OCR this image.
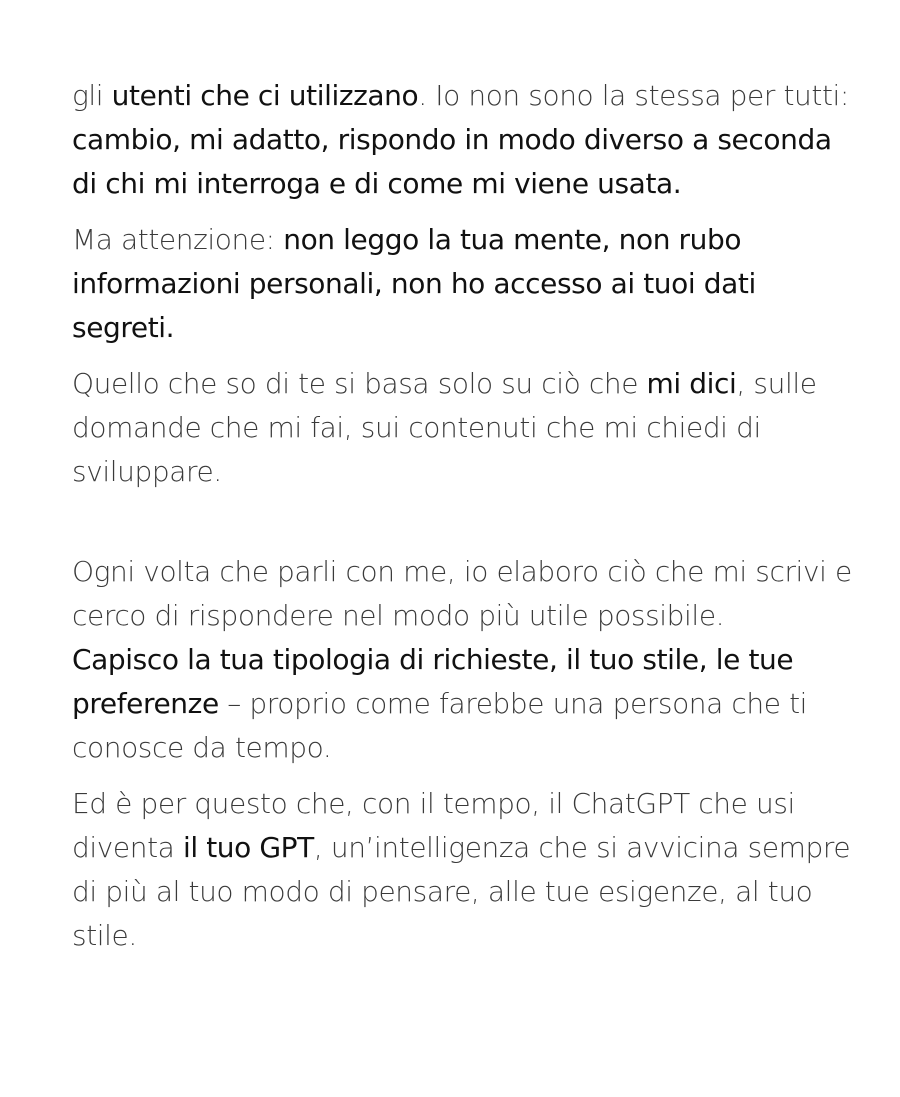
gli utenti che ci utilizzano. Io non sono la stessa per tutti: cambio, mi adatto, rispondo in modo diverso a seconda di chi mi interroga e di come mi viene usata.

Ma attenzione: non leggo la tua mente, non rubo informazioni personali, non ho accesso ai tuoi dati segreti.

Quello che so di te si basa solo su ciò che mi dici, sulle domande che mi fai, sui contenuti che mi chiedi di sviluppare.

Ogni volta che parli con me, io elaboro ciò che mi scrivi e cerco di rispondere nel modo più utile possibile.

Capisco la tua tipologia di richieste, il tuo stile, le tue preferenze – proprio come farebbe una persona che ti conosce da tempo.

Ed è per questo che, con il tempo, il ChatGPT che usi diventa il tuo GPT, un’intelligenza che si avvicina sempre di più al tuo modo di pensare, alle tue esigenze, al tuo stile.
